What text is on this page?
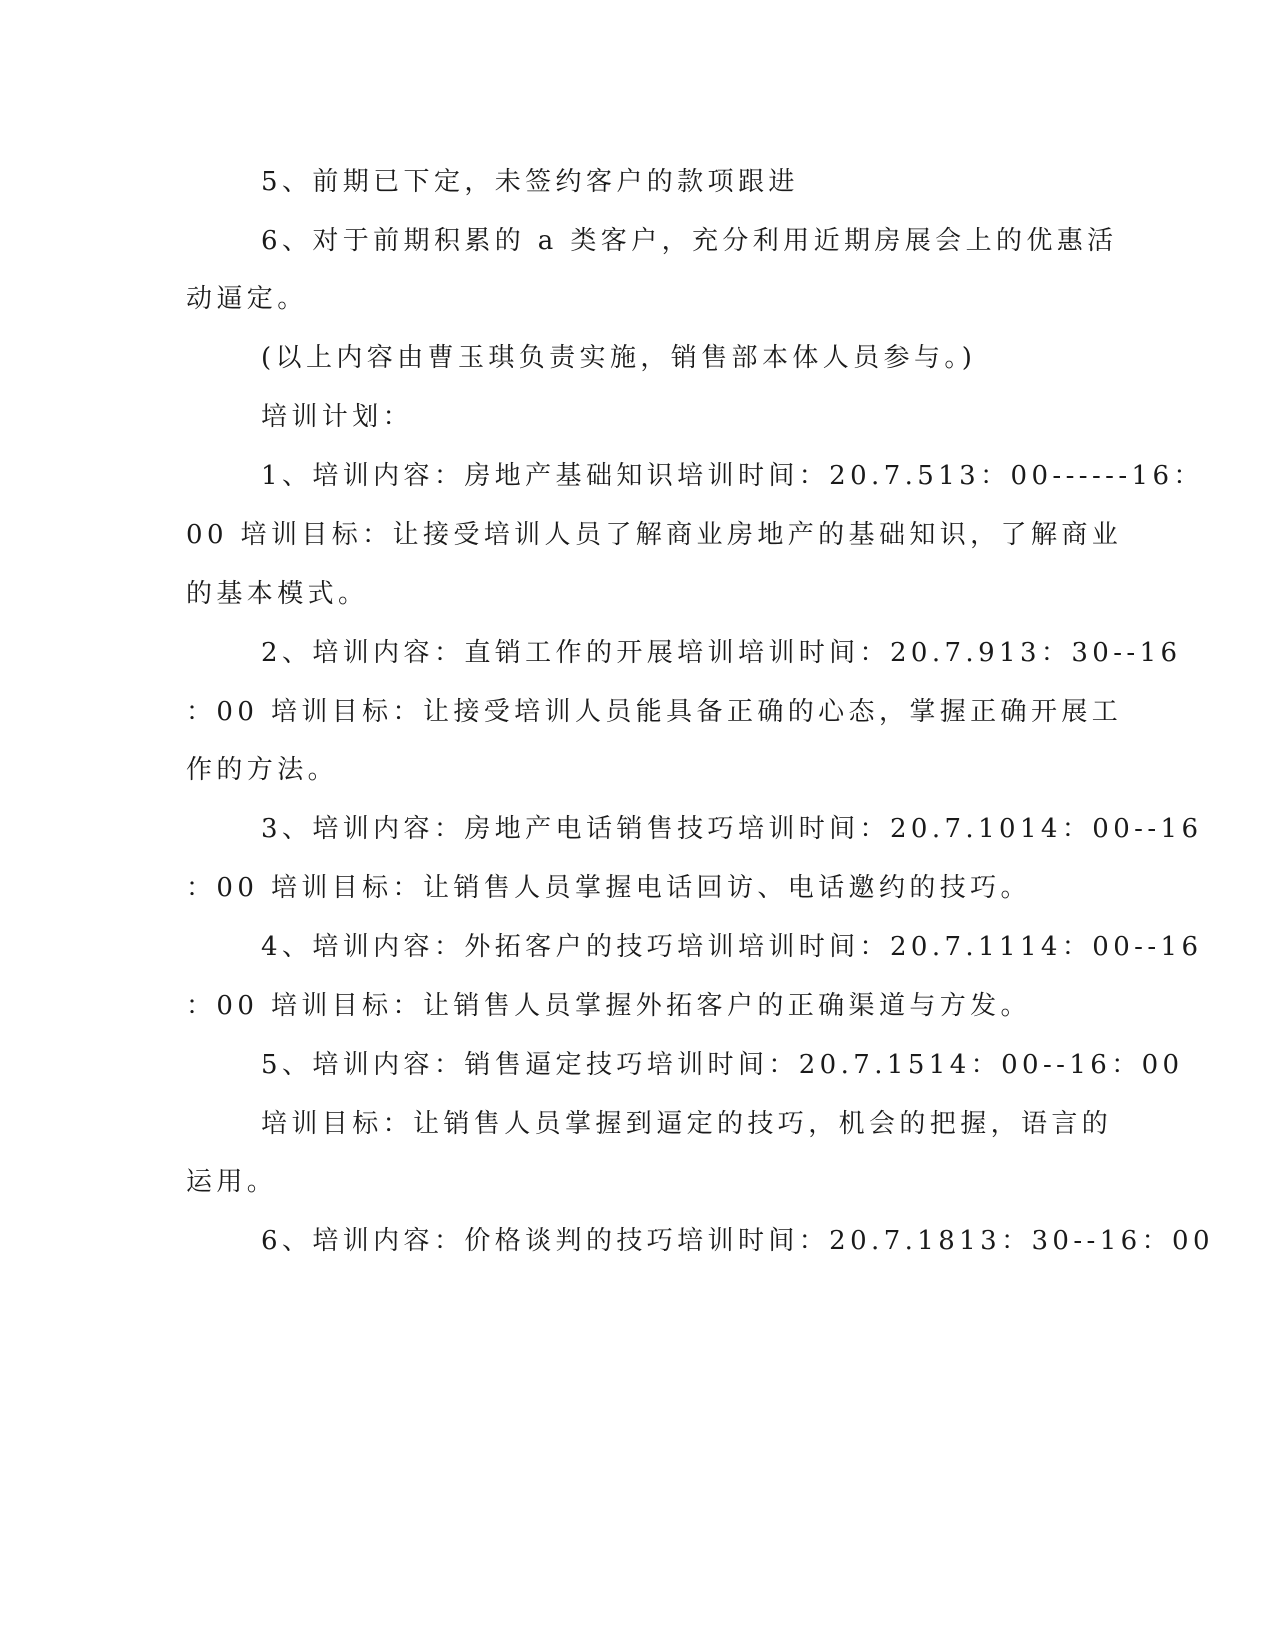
5、前期已下定，未签约客户的款项跟进
6、对于前期积累的 a 类客户，充分利用近期房展会上的优惠活
动逼定。
(以上内容由曹玉琪负责实施，销售部本体人员参与。)
培训计划：
1、培训内容：房地产基础知识培训时间：20.7.513：00------16：
00 培训目标：让接受培训人员了解商业房地产的基础知识，了解商业
的基本模式。
2、培训内容：直销工作的开展培训培训时间：20.7.913：30--16
：00 培训目标：让接受培训人员能具备正确的心态，掌握正确开展工
作的方法。
3、培训内容：房地产电话销售技巧培训时间：20.7.1014：00--16
：00 培训目标：让销售人员掌握电话回访、电话邀约的技巧。
4、培训内容：外拓客户的技巧培训培训时间：20.7.1114：00--16
：00 培训目标：让销售人员掌握外拓客户的正确渠道与方发。
5、培训内容：销售逼定技巧培训时间：20.7.1514：00--16：00
培训目标：让销售人员掌握到逼定的技巧，机会的把握，语言的
运用。
6、培训内容：价格谈判的技巧培训时间：20.7.1813：30--16：00
